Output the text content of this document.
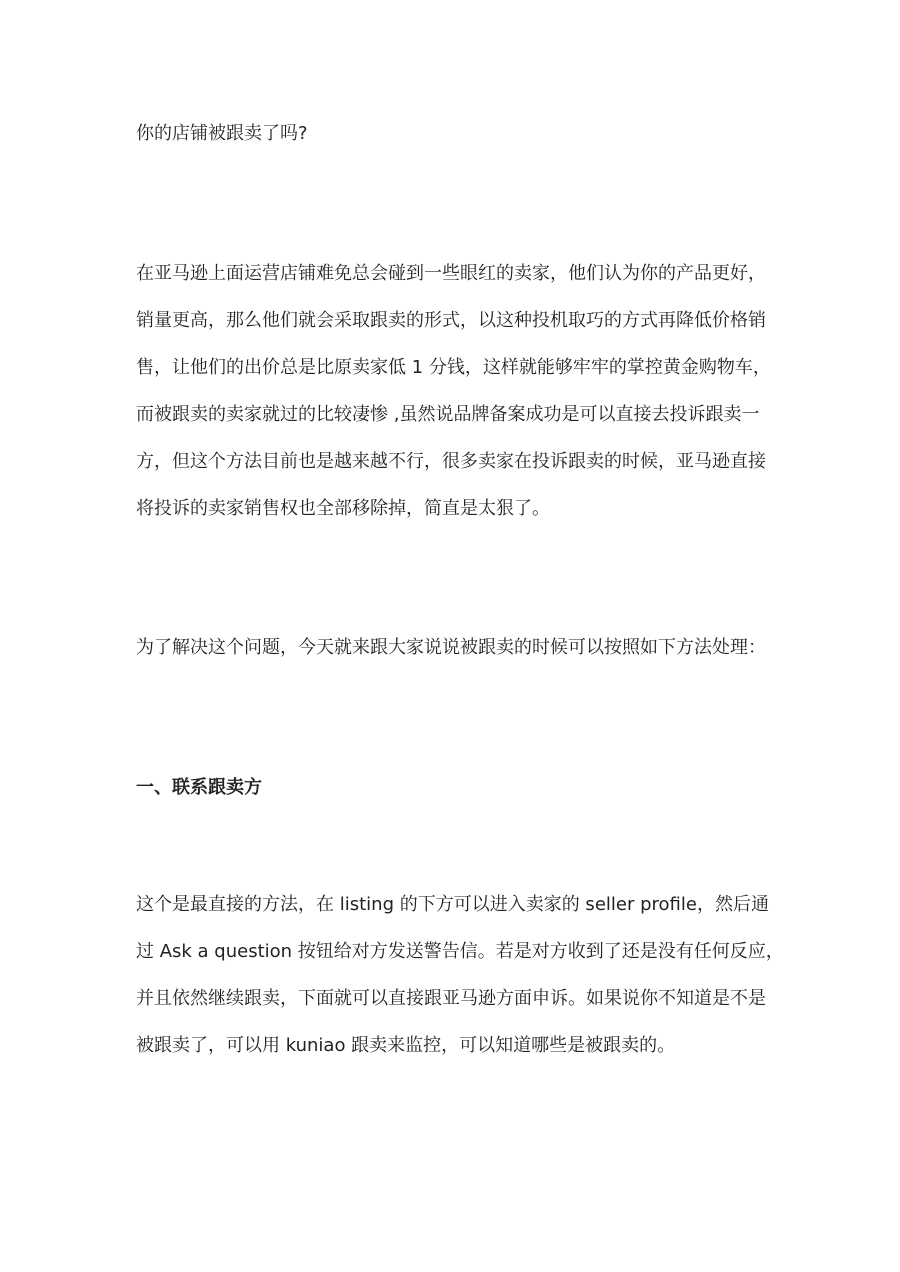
你的店铺被跟卖了吗?
在亚马逊上面运营店铺难免总会碰到一些眼红的卖家，他们认为你的产品更好，
销量更高，那么他们就会采取跟卖的形式，以这种投机取巧的方式再降低价格销
售，让他们的出价总是比原卖家低 1 分钱，这样就能够牢牢的掌控黄金购物车，
而被跟卖的卖家就过的比较凄惨 ,虽然说品牌备案成功是可以直接去投诉跟卖一
方，但这个方法目前也是越来越不行，很多卖家在投诉跟卖的时候，亚马逊直接
将投诉的卖家销售权也全部移除掉，简直是太狠了。
为了解决这个问题，今天就来跟大家说说被跟卖的时候可以按照如下方法处理：
一、联系跟卖方
这个是最直接的方法，在 listing 的下方可以进入卖家的 seller profile，然后通
过 Ask a question 按钮给对方发送警告信。若是对方收到了还是没有任何反应，
并且依然继续跟卖，下面就可以直接跟亚马逊方面申诉。如果说你不知道是不是
被跟卖了，可以用 kuniao 跟卖来监控，可以知道哪些是被跟卖的。
